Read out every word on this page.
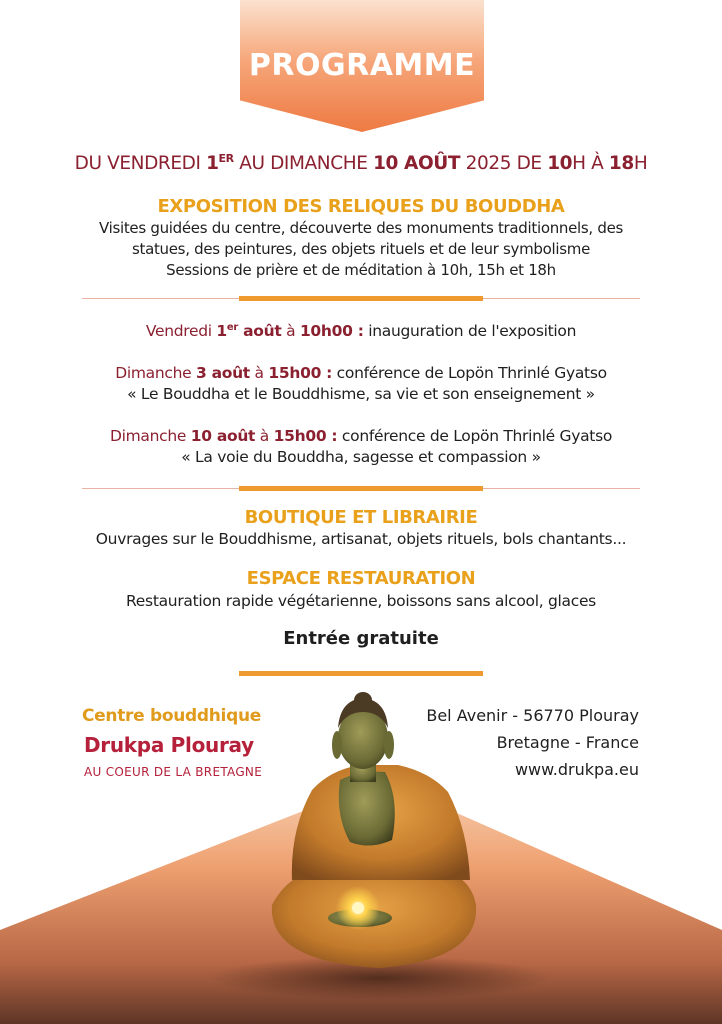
PROGRAMME
DU VENDREDI 1ER AU DIMANCHE 10 AOÛT 2025 DE 10H À 18H
EXPOSITION DES RELIQUES DU BOUDDHA
Visites guidées du centre, découverte des monuments traditionnels, des
statues, des peintures, des objets rituels et de leur symbolisme
Sessions de prière et de méditation à 10h, 15h et 18h
Vendredi 1er août à 10h00 : inauguration de l'exposition
Dimanche 3 août à 15h00 : conférence de Lopön Thrinlé Gyatso
« Le Bouddha et le Bouddhisme, sa vie et son enseignement »
Dimanche 10 août à 15h00 : conférence de Lopön Thrinlé Gyatso
« La voie du Bouddha, sagesse et compassion »
BOUTIQUE ET LIBRAIRIE
Ouvrages sur le Bouddhisme, artisanat, objets rituels, bols chantants...
ESPACE RESTAURATION
Restauration rapide végétarienne, boissons sans alcool, glaces
Entrée gratuite
Centre bouddhique
Drukpa Plouray
AU COEUR DE LA BRETAGNE
Bel Avenir - 56770 Plouray
Bretagne - France
www.drukpa.eu
